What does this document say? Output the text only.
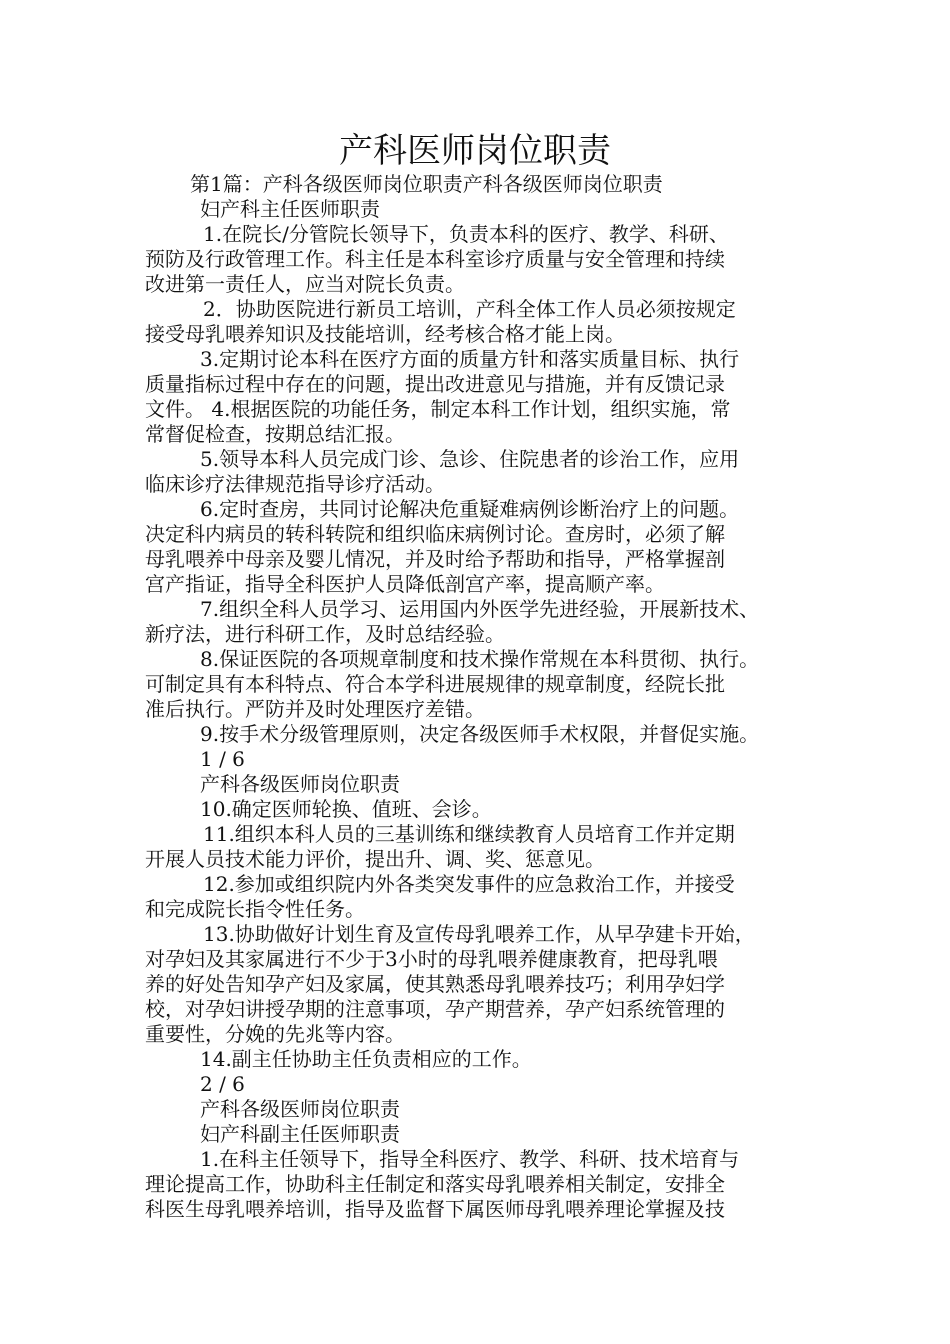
产科医师岗位职责

第1篇：产科各级医师岗位职责产科各级医师岗位职责

妇产科主任医师职责

1.在院长/分管院长领导下，负责本科的医疗、教学、科研、

预防及行政管理工作。科主任是本科室诊疗质量与安全管理和持续

改进第一责任人，应当对院长负责。

2．协助医院进行新员工培训，产科全体工作人员必须按规定

接受母乳喂养知识及技能培训，经考核合格才能上岗。

3.定期讨论本科在医疗方面的质量方针和落实质量目标、执行

质量指标过程中存在的问题，提出改进意见与措施，并有反馈记录

文件。 4.根据医院的功能任务，制定本科工作计划，组织实施，常

常督促检查，按期总结汇报。

5.领导本科人员完成门诊、急诊、住院患者的诊治工作，应用

临床诊疗法律规范指导诊疗活动。

6.定时查房，共同讨论解决危重疑难病例诊断治疗上的问题。

决定科内病员的转科转院和组织临床病例讨论。查房时，必须了解

母乳喂养中母亲及婴儿情况，并及时给予帮助和指导，严格掌握剖

宫产指证，指导全科医护人员降低剖宫产率，提高顺产率。

7.组织全科人员学习、运用国内外医学先进经验，开展新技术、

新疗法，进行科研工作，及时总结经验。

8.保证医院的各项规章制度和技术操作常规在本科贯彻、执行。

可制定具有本科特点、符合本学科进展规律的规章制度，经院长批

准后执行。严防并及时处理医疗差错。

9.按手术分级管理原则，决定各级医师手术权限，并督促实施。

1 / 6

产科各级医师岗位职责

10.确定医师轮换、值班、会诊。

11.组织本科人员的三基训练和继续教育人员培育工作并定期

开展人员技术能力评价，提出升、调、奖、惩意见。

12.参加或组织院内外各类突发事件的应急救治工作，并接受

和完成院长指令性任务。

13.协助做好计划生育及宣传母乳喂养工作，从早孕建卡开始，

对孕妇及其家属进行不少于3小时的母乳喂养健康教育，把母乳喂

养的好处告知孕产妇及家属，使其熟悉母乳喂养技巧；利用孕妇学

校，对孕妇讲授孕期的注意事项，孕产期营养，孕产妇系统管理的

重要性，分娩的先兆等内容。

14.副主任协助主任负责相应的工作。

2 / 6

产科各级医师岗位职责

妇产科副主任医师职责

1.在科主任领导下，指导全科医疗、教学、科研、技术培育与

理论提高工作，协助科主任制定和落实母乳喂养相关制定，安排全

科医生母乳喂养培训，指导及监督下属医师母乳喂养理论掌握及技
